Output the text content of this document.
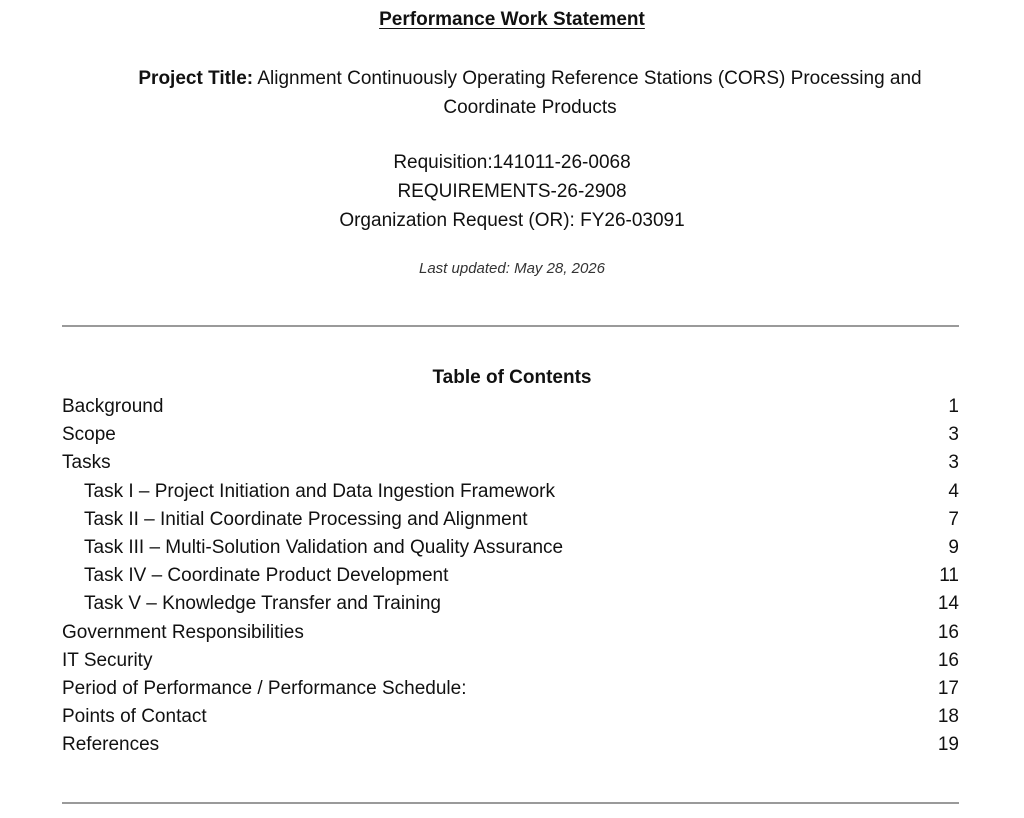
Performance Work Statement
Project Title: Alignment Continuously Operating Reference Stations (CORS) Processing and Coordinate Products
Requisition:141011-26-0068
REQUIREMENTS-26-2908
Organization Request (OR): FY26-03091
Last updated: May 28, 2026
Table of Contents
Background	1
Scope	3
Tasks	3
Task I – Project Initiation and Data Ingestion Framework	4
Task II – Initial Coordinate Processing and Alignment	7
Task III – Multi-Solution Validation and Quality Assurance	9
Task IV – Coordinate Product Development	11
Task V – Knowledge Transfer and Training	14
Government Responsibilities	16
IT Security	16
Period of Performance / Performance Schedule:	17
Points of Contact	18
References	19
